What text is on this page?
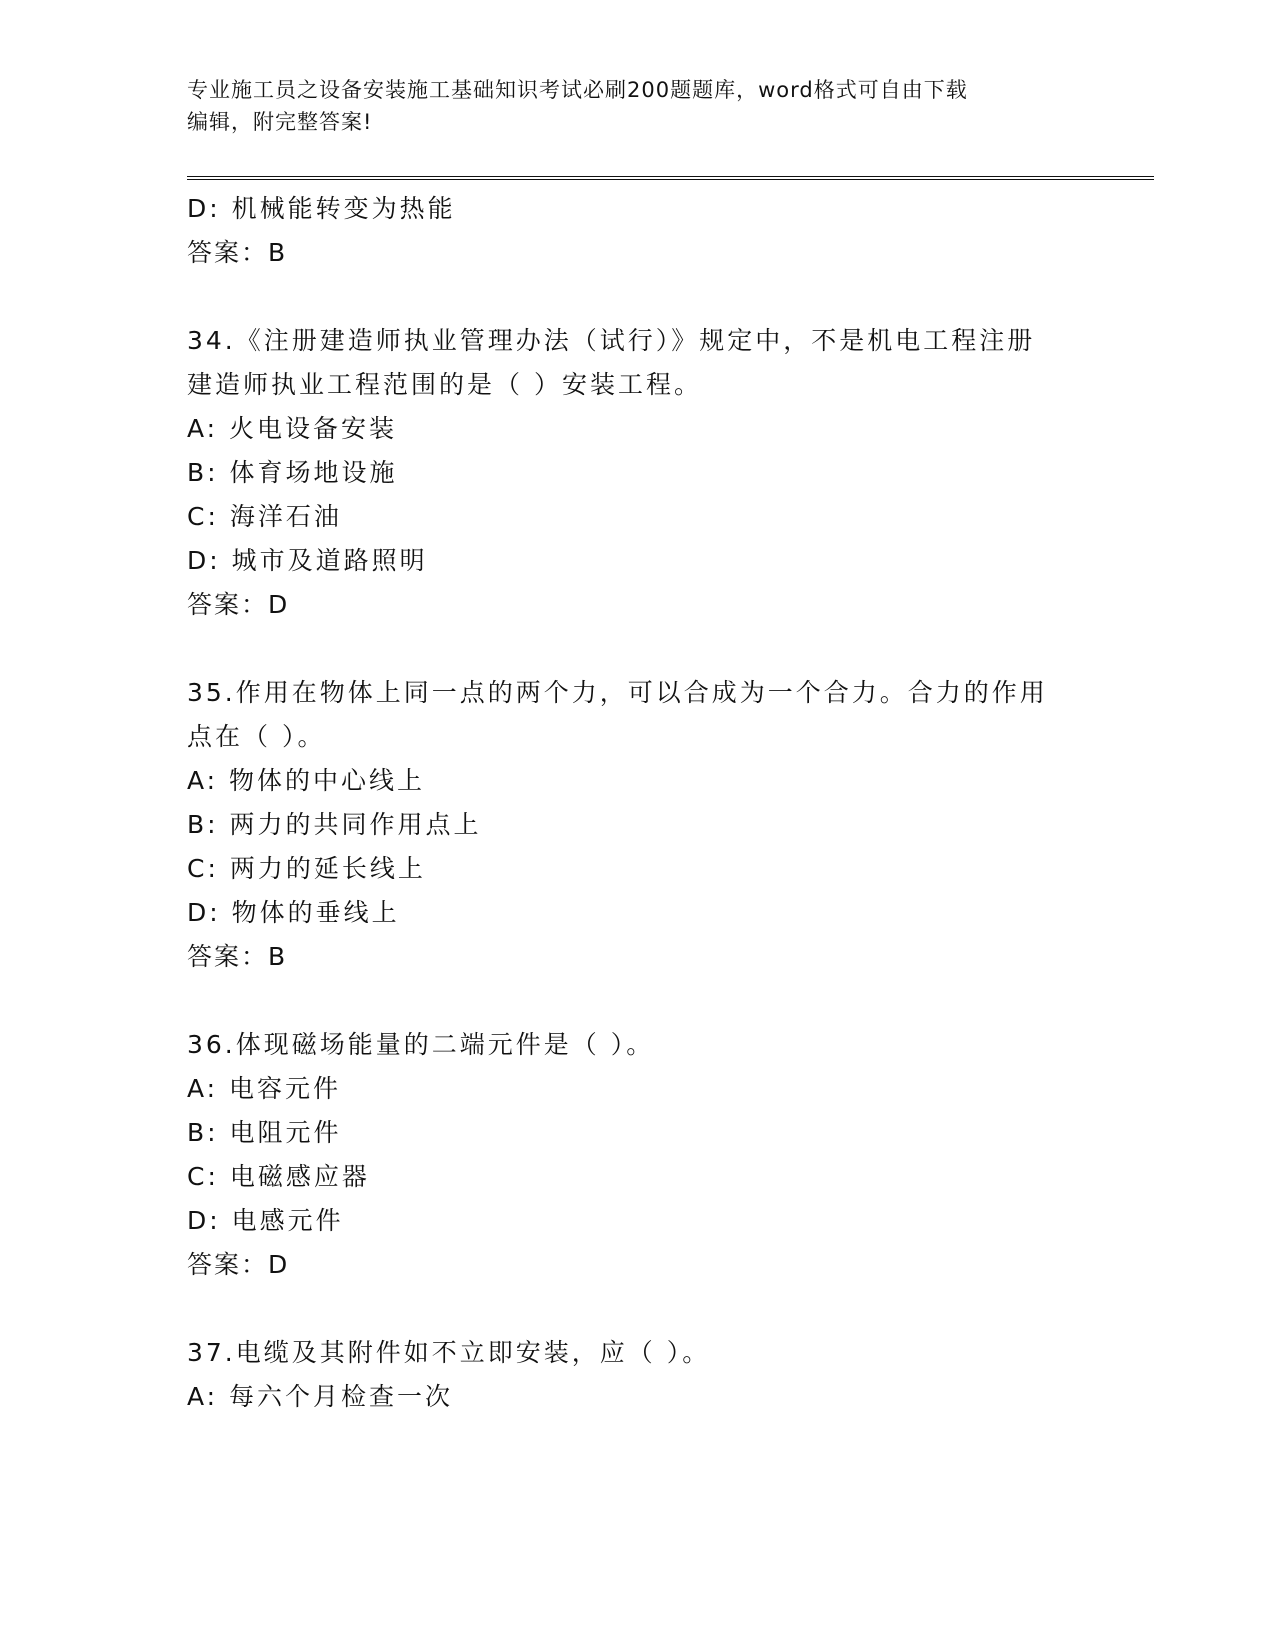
专业施工员之设备安装施工基础知识考试必刷200题题库，word格式可自由下载
编辑，附完整答案!
D: 机械能转变为热能
答案：B
34.《注册建造师执业管理办法（试行）》规定中，不是机电工程注册
建造师执业工程范围的是（ ）安装工程。
A: 火电设备安装
B: 体育场地设施
C: 海洋石油
D: 城市及道路照明
答案：D
35.作用在物体上同一点的两个力，可以合成为一个合力。合力的作用
点在（ ）。
A: 物体的中心线上
B: 两力的共同作用点上
C: 两力的延长线上
D: 物体的垂线上
答案：B
36.体现磁场能量的二端元件是（ ）。
A: 电容元件
B: 电阻元件
C: 电磁感应器
D: 电感元件
答案：D
37.电缆及其附件如不立即安装，应（ ）。
A: 每六个月检查一次
